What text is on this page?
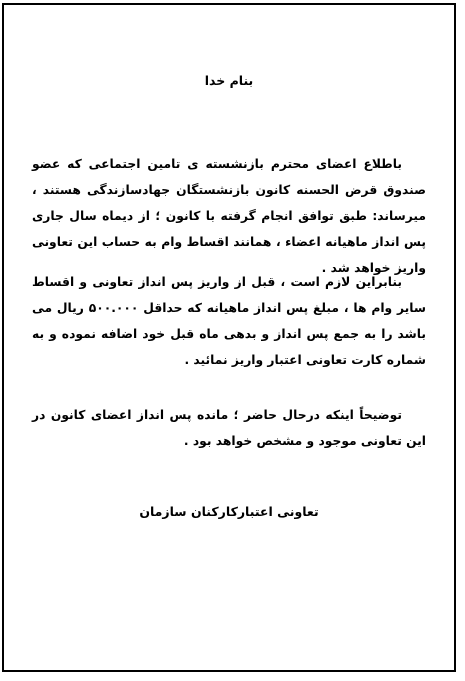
بنام خدا

باطلاع اعضای محترم بازنشسته ی تامین اجتماعی که عضو صندوق قرض الحسنه کانون بازنشستگان جهادسازندگی هستند ، میرساند: طبق توافق انجام گرفته با کانون ؛ از دیماه سال جاری پس انداز ماهیانه اعضاء ، همانند اقساط وام به حساب این تعاونی واریز خواهد شد .

بنابراین لازم است ، قبل از واریز پس انداز تعاونی و اقساط سایر وام ها ، مبلغ پس انداز ماهیانه که حداقل ۵۰۰.۰۰۰ ریال می باشد را به جمع پس انداز و بدهی ماه قبل خود اضافه نموده و به شماره کارت تعاونی اعتبار واریز نمائید .

توضیحاً اینکه درحال حاضر ؛ مانده پس انداز اعضای کانون در این تعاونی موجود و مشخص خواهد بود .

تعاونی اعتبارکارکنان سازمان
